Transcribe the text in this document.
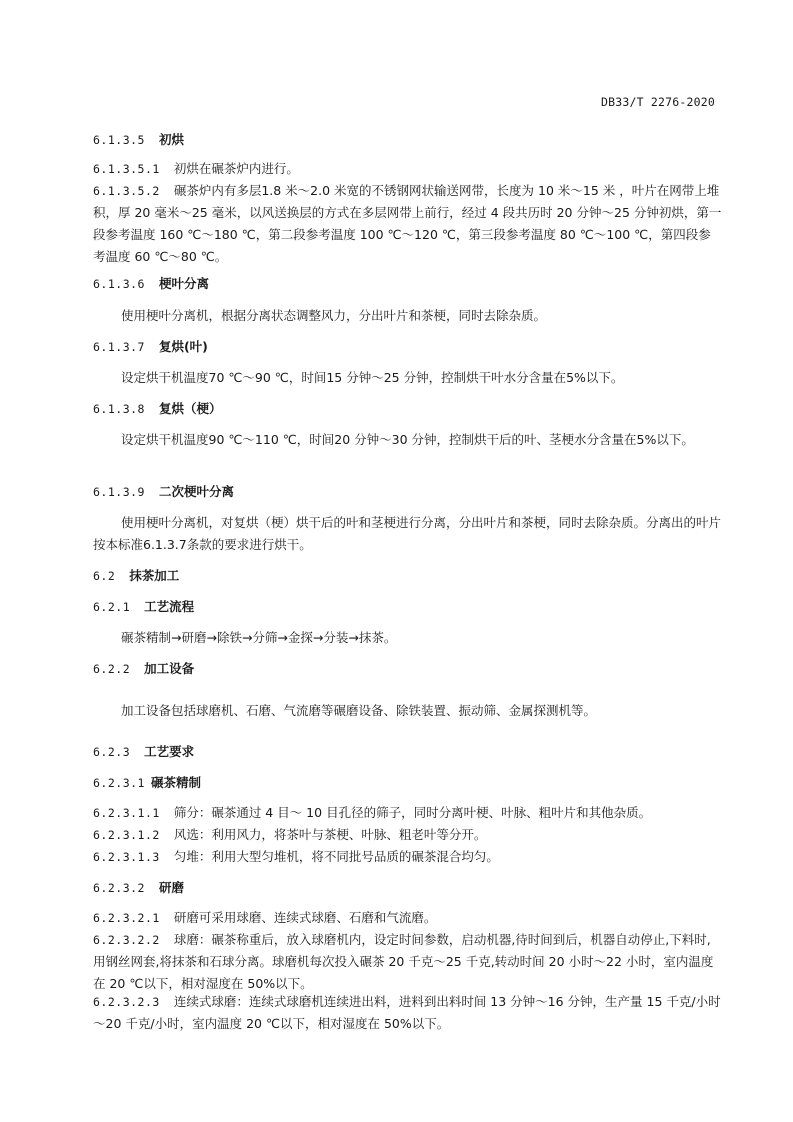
DB33/T 2276-2020
6.1.3.5 初烘
6.1.3.5.1 初烘在碾茶炉内进行。
6.1.3.5.2 碾茶炉内有多层1.8 米～2.0 米宽的不锈钢网状输送网带，长度为 10 米～15 米 ，叶片在网带上堆积，厚 20 毫米～25 毫米，以风送换层的方式在多层网带上前行，经过 4 段共历时 20 分钟～25 分钟初烘，第一段参考温度 160 ℃～180 ℃，第二段参考温度 100 ℃～120 ℃，第三段参考温度 80 ℃～100 ℃，第四段参考温度 60 ℃～80 ℃。
6.1.3.6 梗叶分离

使用梗叶分离机，根据分离状态调整风力，分出叶片和茶梗，同时去除杂质。

6.1.3.7 复烘(叶)

设定烘干机温度70 ℃～90 ℃，时间15 分钟～25 分钟，控制烘干叶水分含量在5%以下。

6.1.3.8 复烘（梗）

设定烘干机温度90 ℃～110 ℃，时间20 分钟～30 分钟，控制烘干后的叶、茎梗水分含量在5%以下。

6.1.3.9 二次梗叶分离

使用梗叶分离机，对复烘（梗）烘干后的叶和茎梗进行分离，分出叶片和茶梗，同时去除杂质。分离出的叶片按本标准6.1.3.7条款的要求进行烘干。

6.2 抹茶加工
6.2.1 工艺流程

碾茶精制→研磨→除铁→分筛→金探→分装→抹茶。

6.2.2 加工设备

加工设备包括球磨机、石磨、气流磨等碾磨设备、除铁装置、振动筛、金属探测机等。

6.2.3 工艺要求
6.2.3.1 碾茶精制
6.2.3.1.1 筛分：碾茶通过 4 目～ 10 目孔径的筛子，同时分离叶梗、叶脉、粗叶片和其他杂质。
6.2.3.1.2 风选：利用风力，将茶叶与茶梗、叶脉、粗老叶等分开。
6.2.3.1.3 匀堆：利用大型匀堆机，将不同批号品质的碾茶混合均匀。
6.2.3.2 研磨
6.2.3.2.1 研磨可采用球磨、连续式球磨、石磨和气流磨。
6.2.3.2.2 球磨：碾茶称重后，放入球磨机内，设定时间参数，启动机器,待时间到后，机器自动停止,下料时,用钢丝网套,将抹茶和石球分离。球磨机每次投入碾茶 20 千克～25 千克,转动时间 20 小时～22 小时，室内温度在 20 ℃以下，相对湿度在 50%以下。
6.2.3.2.3 连续式球磨：连续式球磨机连续进出料，进料到出料时间 13 分钟～16 分钟，生产量 15 千克/小时～20 千克/小时，室内温度 20 ℃以下，相对湿度在 50%以下。
